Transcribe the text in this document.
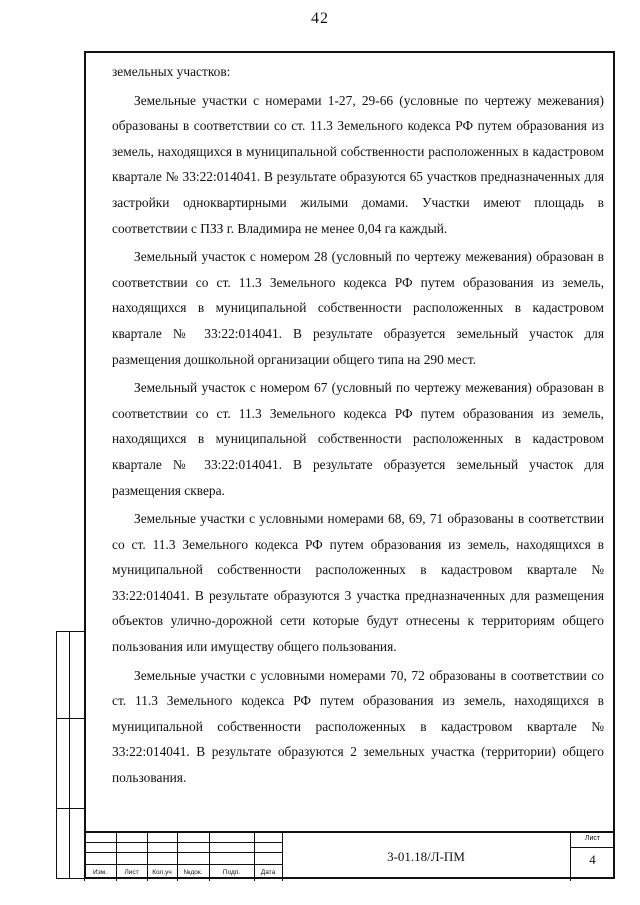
42

земельных участков:

Земельные участки с номерами 1-27, 29-66 (условные по чертежу межевания) образованы в соответствии со ст. 11.3 Земельного кодекса РФ путем образования из земель, находящихся в муниципальной собственности расположенных в кадастровом квартале № 33:22:014041. В результате образуются 65 участков предназначенных для застройки одноквартирными жилыми домами. Участки имеют площадь в соответствии с ПЗЗ г. Владимира не менее 0,04 га каждый.

Земельный участок с номером 28 (условный по чертежу межевания) образован в соответствии со ст. 11.3 Земельного кодекса РФ путем образования из земель, находящихся в муниципальной собственности расположенных в кадастровом квартале № 33:22:014041. В результате образуется земельный участок для размещения дошкольной организации общего типа на 290 мест.

Земельный участок с номером 67 (условный по чертежу межевания) образован в соответствии со ст. 11.3 Земельного кодекса РФ путем образования из земель, находящихся в муниципальной собственности расположенных в кадастровом квартале № 33:22:014041. В результате образуется земельный участок для размещения сквера.

Земельные участки с условными номерами 68, 69, 71 образованы в соответствии со ст. 11.3 Земельного кодекса РФ путем образования из земель, находящихся в муниципальной собственности расположенных в кадастровом квартале № 33:22:014041. В результате образуются 3 участка предназначенных для размещения объектов улично-дорожной сети которые будут отнесены к территориям общего пользования или имуществу общего пользования.

Земельные участки с условными номерами 70, 72 образованы в соответствии со ст. 11.3 Земельного кодекса РФ путем образования из земель, находящихся в муниципальной собственности расположенных в кадастровом квартале № 33:22:014041. В результате образуются 2 земельных участка (территории) общего пользования.

Изм.	Лист	Кол.уч	№док.	Подп.	Дата
3-01.18/Л-ПМ
Лист
4
